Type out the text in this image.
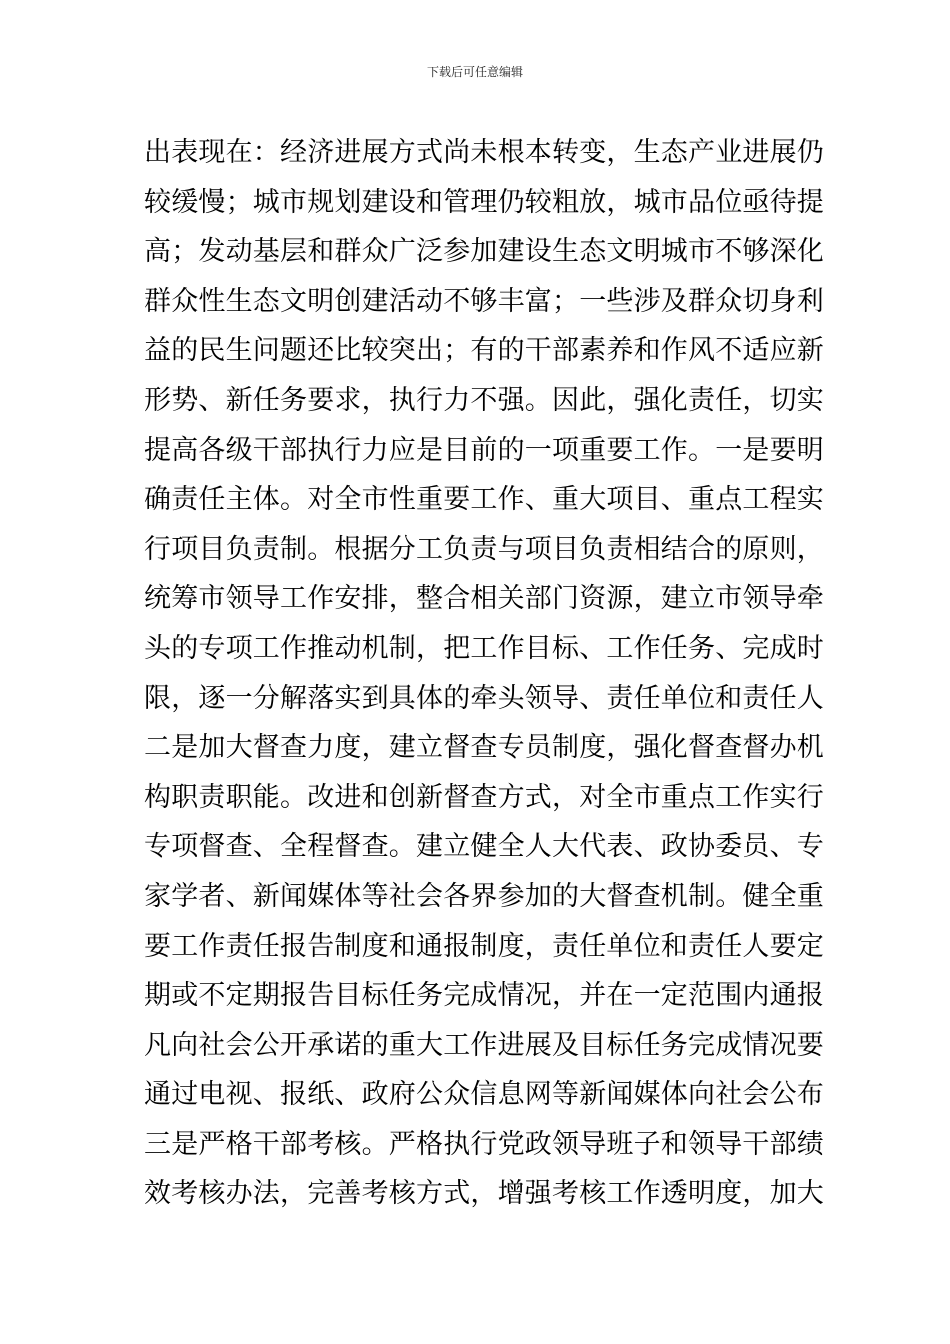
下载后可任意编辑
出表现在：经济进展方式尚未根本转变，生态产业进展仍
较缓慢；城市规划建设和管理仍较粗放，城市品位亟待提
高；发动基层和群众广泛参加建设生态文明城市不够深化
群众性生态文明创建活动不够丰富；一些涉及群众切身利
益的民生问题还比较突出；有的干部素养和作风不适应新
形势、新任务要求，执行力不强。因此，强化责任，切实
提高各级干部执行力应是目前的一项重要工作。一是要明
确责任主体。对全市性重要工作、重大项目、重点工程实
行项目负责制。根据分工负责与项目负责相结合的原则，
统筹市领导工作安排，整合相关部门资源，建立市领导牵
头的专项工作推动机制，把工作目标、工作任务、完成时
限，逐一分解落实到具体的牵头领导、责任单位和责任人
二是加大督查力度，建立督查专员制度，强化督查督办机
构职责职能。改进和创新督查方式，对全市重点工作实行
专项督查、全程督查。建立健全人大代表、政协委员、专
家学者、新闻媒体等社会各界参加的大督查机制。健全重
要工作责任报告制度和通报制度，责任单位和责任人要定
期或不定期报告目标任务完成情况，并在一定范围内通报
凡向社会公开承诺的重大工作进展及目标任务完成情况要
通过电视、报纸、政府公众信息网等新闻媒体向社会公布
三是严格干部考核。严格执行党政领导班子和领导干部绩
效考核办法，完善考核方式，增强考核工作透明度，加大
